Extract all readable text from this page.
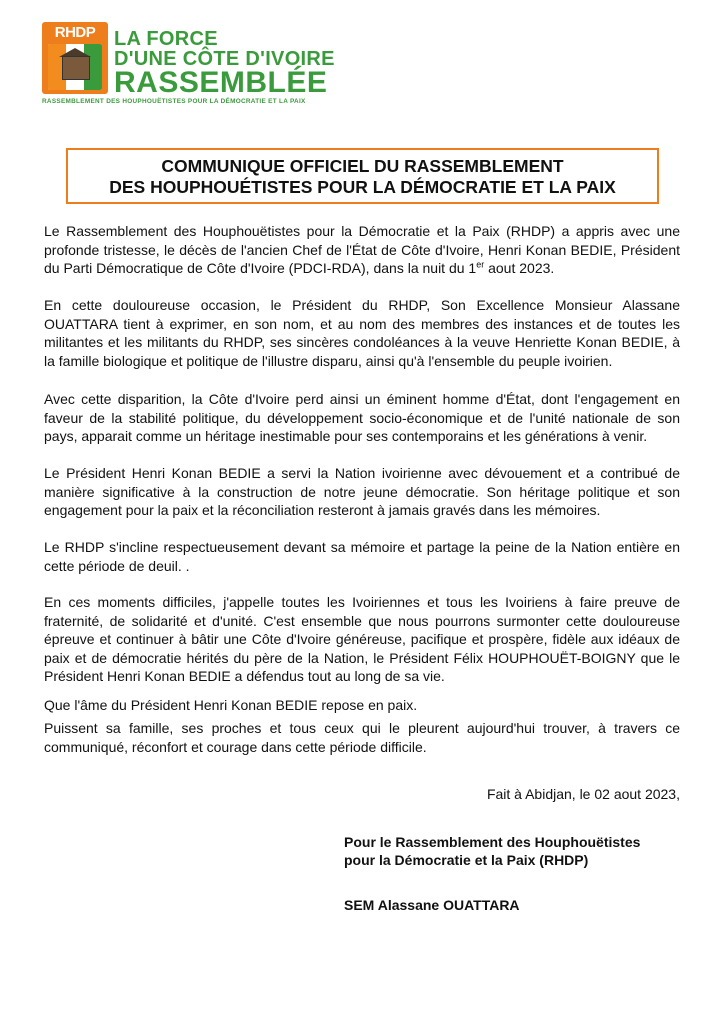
RHDP LA FORCE
D'UNE CÔTE D'IVOIRE
RASSEMBLÉE
RASSEMBLEMENT DES HOUPHOUËTISTES POUR LA DÉMOCRATIE ET LA PAIX
COMMUNIQUE OFFICIEL DU RASSEMBLEMENT
DES HOUPHOUÉTISTES POUR LA DÉMOCRATIE ET LA PAIX
Le Rassemblement des Houphouëtistes pour la Démocratie et la Paix (RHDP) a appris avec une profonde tristesse, le décès de l'ancien Chef de l'État de Côte d'Ivoire, Henri Konan BEDIE, Président du Parti Démocratique de Côte d'Ivoire (PDCI-RDA), dans la nuit du 1er aout 2023.
En cette douloureuse occasion, le Président du RHDP, Son Excellence Monsieur Alassane OUATTARA tient à exprimer, en son nom, et au nom des membres des instances et de toutes les militantes et les militants du RHDP, ses sincères condoléances à la veuve Henriette Konan BEDIE, à la famille biologique et politique de l'illustre disparu, ainsi qu'à l'ensemble du peuple ivoirien.
Avec cette disparition, la Côte d'Ivoire perd ainsi un éminent homme d'État, dont l'engagement en faveur de la stabilité politique, du développement socio-économique et de l'unité nationale de son pays, apparait comme un héritage inestimable pour ses contemporains et les générations à venir.
Le Président Henri Konan BEDIE a servi la Nation ivoirienne avec dévouement et a contribué de manière significative à la construction de notre jeune démocratie. Son héritage politique et son engagement pour la paix et la réconciliation resteront à jamais gravés dans les mémoires.
Le RHDP s'incline respectueusement devant sa mémoire et partage la peine de la Nation entière en cette période de deuil. .
En ces moments difficiles, j'appelle toutes les Ivoiriennes et tous les Ivoiriens à faire preuve de fraternité, de solidarité et d'unité. C'est ensemble que nous pourrons surmonter cette douloureuse épreuve et continuer à bâtir une Côte d'Ivoire généreuse, pacifique et prospère, fidèle aux idéaux de paix et de démocratie hérités du père de la Nation, le Président Félix HOUPHOUËT-BOIGNY que le Président Henri Konan BEDIE a défendus tout au long de sa vie.
Que l'âme du Président Henri Konan BEDIE repose en paix.
Puissent sa famille, ses proches et tous ceux qui le pleurent aujourd'hui trouver, à travers ce communiqué, réconfort et courage dans cette période difficile.
Fait à Abidjan, le 02 aout 2023,
Pour le Rassemblement des Houphouëtistes
pour la Démocratie et la Paix (RHDP)
SEM Alassane OUATTARA
